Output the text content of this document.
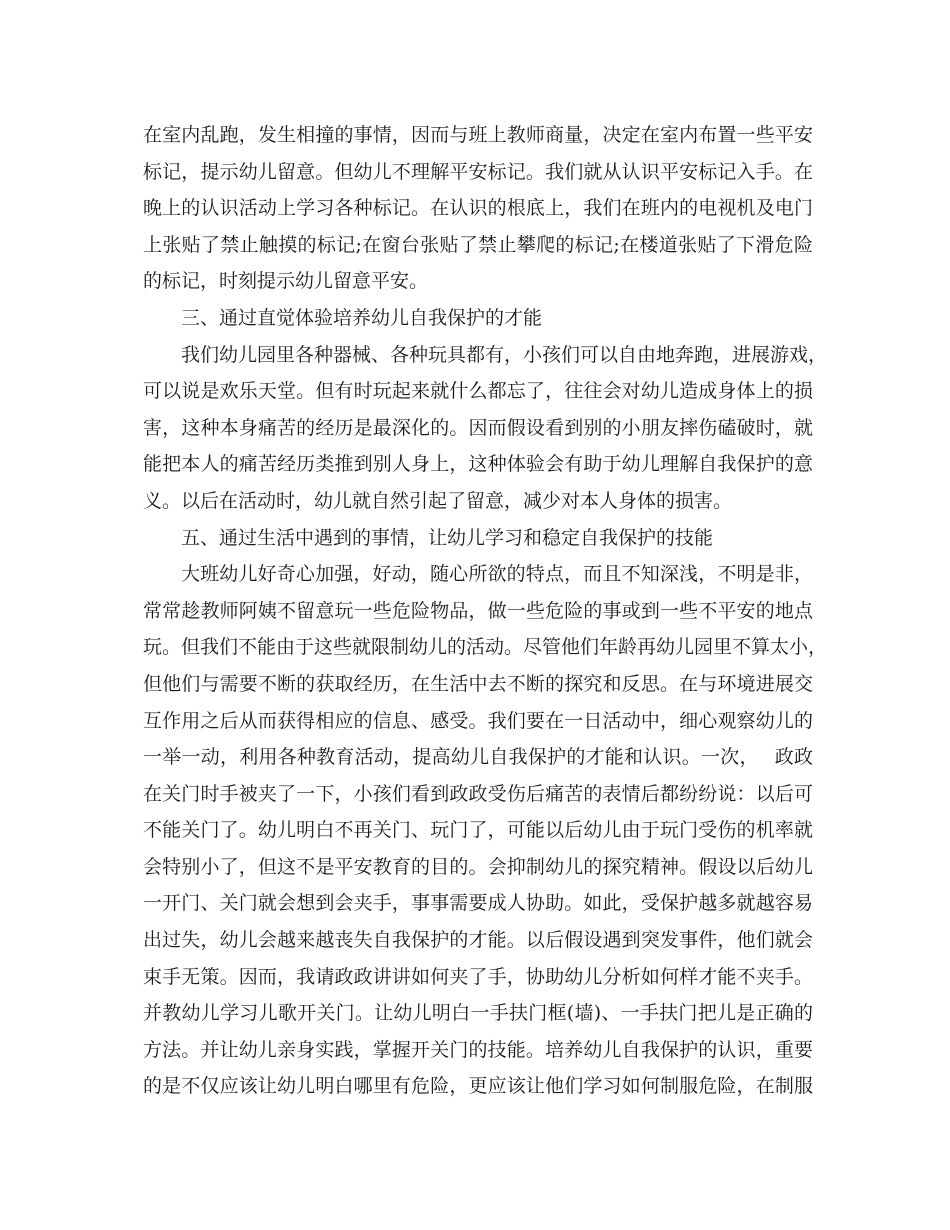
在室内乱跑，发生相撞的事情，因而与班上教师商量，决定在室内布置一些平安
标记，提示幼儿留意。但幼儿不理解平安标记。我们就从认识平安标记入手。在
晚上的认识活动上学习各种标记。在认识的根底上，我们在班内的电视机及电门
上张贴了禁止触摸的标记;在窗台张贴了禁止攀爬的标记;在楼道张贴了下滑危险
的标记，时刻提示幼儿留意平安。
三、通过直觉体验培养幼儿自我保护的才能
我们幼儿园里各种器械、各种玩具都有，小孩们可以自由地奔跑，进展游戏，
可以说是欢乐天堂。但有时玩起来就什么都忘了，往往会对幼儿造成身体上的损
害，这种本身痛苦的经历是最深化的。因而假设看到别的小朋友摔伤磕破时，就
能把本人的痛苦经历类推到别人身上，这种体验会有助于幼儿理解自我保护的意
义。以后在活动时，幼儿就自然引起了留意，减少对本人身体的损害。
五、通过生活中遇到的事情，让幼儿学习和稳定自我保护的技能
大班幼儿好奇心加强，好动，随心所欲的特点，而且不知深浅，不明是非，
常常趁教师阿姨不留意玩一些危险物品，做一些危险的事或到一些不平安的地点
玩。但我们不能由于这些就限制幼儿的活动。尽管他们年龄再幼儿园里不算太小，
但他们与需要不断的获取经历，在生活中去不断的探究和反思。在与环境进展交
互作用之后从而获得相应的信息、感受。我们要在一日活动中，细心观察幼儿的
一举一动，利用各种教育活动，提高幼儿自我保护的才能和认识。一次，　 政政
在关门时手被夹了一下，小孩们看到政政受伤后痛苦的表情后都纷纷说：以后可
不能关门了。幼儿明白不再关门、玩门了，可能以后幼儿由于玩门受伤的机率就
会特别小了，但这不是平安教育的目的。会抑制幼儿的探究精神。假设以后幼儿
一开门、关门就会想到会夹手，事事需要成人协助。如此，受保护越多就越容易
出过失，幼儿会越来越丧失自我保护的才能。以后假设遇到突发事件，他们就会
束手无策。因而，我请政政讲讲如何夹了手，协助幼儿分析如何样才能不夹手。
并教幼儿学习儿歌开关门。让幼儿明白一手扶门框(墙)、一手扶门把儿是正确的
方法。并让幼儿亲身实践，掌握开关门的技能。培养幼儿自我保护的认识，重要
的是不仅应该让幼儿明白哪里有危险，更应该让他们学习如何制服危险，在制服
